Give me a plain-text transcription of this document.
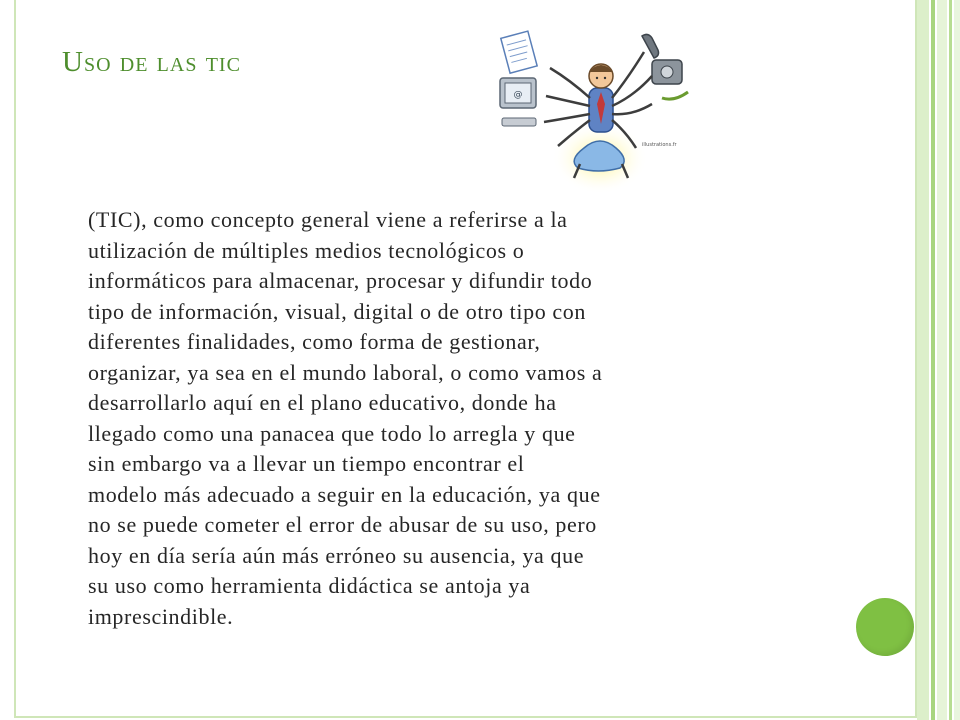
Uso de las tic
@
illustrations.fr

(TIC), como concepto general viene a referirse a la
utilización de múltiples medios tecnológicos o
informáticos para almacenar, procesar y difundir todo
tipo de información, visual, digital o de otro tipo con
diferentes finalidades, como forma de gestionar,
organizar, ya sea en el mundo laboral, o como vamos a
desarrollarlo aquí en el plano educativo, donde ha
llegado como una panacea que todo lo arregla y que
sin embargo va a llevar un tiempo encontrar el
modelo más adecuado a seguir en la educación, ya que
no se puede cometer el error de abusar de su uso, pero
hoy en día sería aún más erróneo su ausencia, ya que
su uso como herramienta didáctica se antoja ya
imprescindible.
